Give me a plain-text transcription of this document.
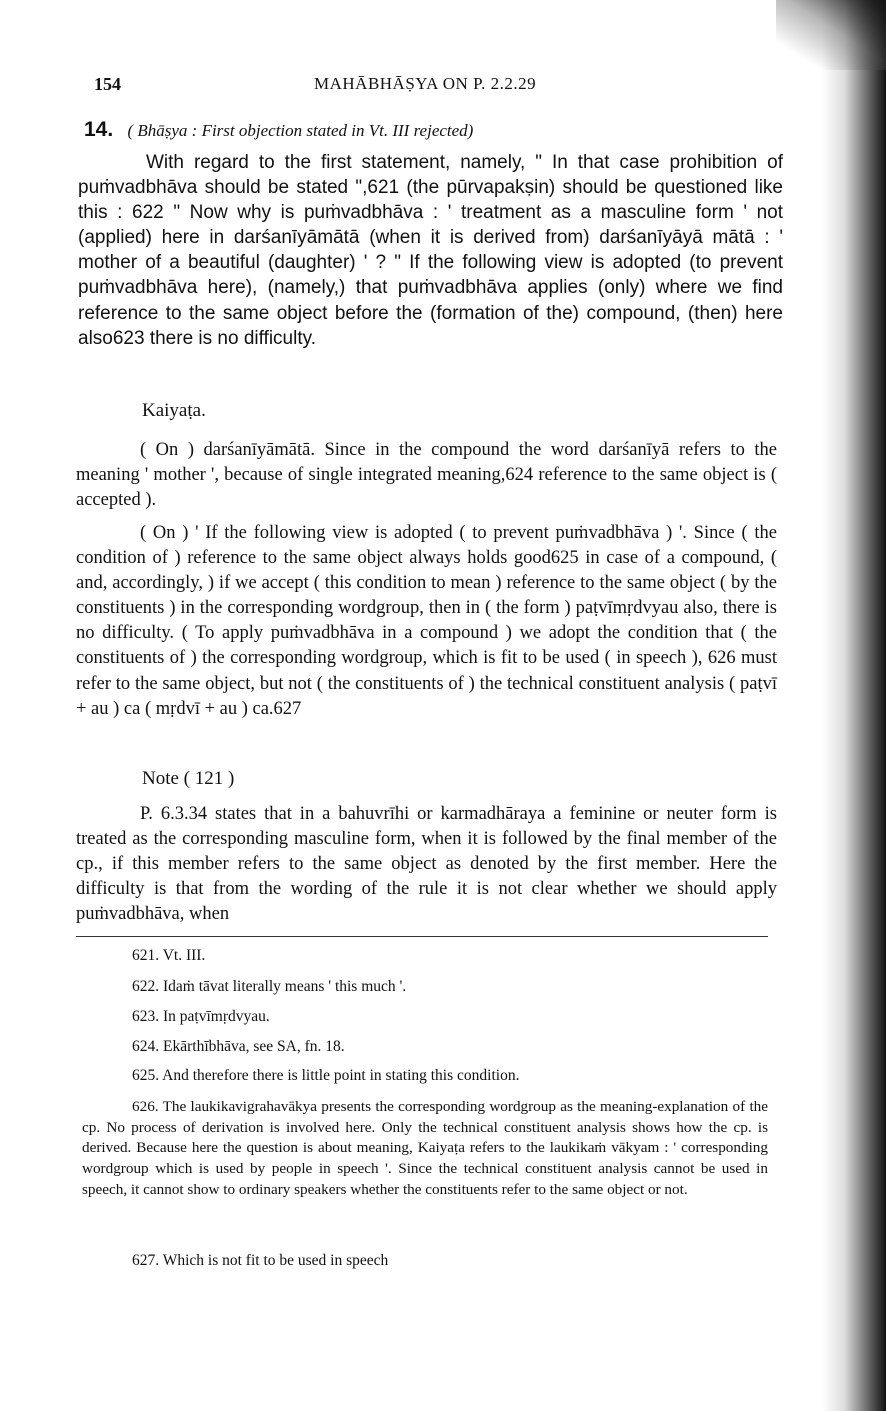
154	MAHĀBHĀṢYA ON P. 2.2.29
14. ( Bhāṣya : First objection stated in Vt. III rejected)

With regard to the first statement, namely, " In that case prohibition of puṁvadbhāva should be stated ",621 (the pūrvapakṣin) should be questioned like this : 622 " Now why is puṁvadbhāva : ' treatment as a masculine form ' not (applied) here in darśanīyāmātā (when it is derived from) darśanīyāyā mātā : ' mother of a beautiful (daughter) ' ? " If the following view is adopted (to prevent puṁvadbhāva here), (namely,) that puṁvadbhāva applies (only) where we find reference to the same object before the (formation of the) compound, (then) here also623 there is no difficulty.

Kaiyaṭa.

( On ) darśanīyāmātā. Since in the compound the word darśanīyā refers to the meaning ' mother ', because of single integrated meaning,624 reference to the same object is ( accepted ).

( On ) ' If the following view is adopted ( to prevent puṁvadbhāva ) '. Since ( the condition of ) reference to the same object always holds good625 in case of a compound, ( and, accordingly, ) if we accept ( this condition to mean ) reference to the same object ( by the constituents ) in the corresponding wordgroup, then in ( the form ) paṭvīmṛdvyau also, there is no difficulty. ( To apply puṁvadbhāva in a compound ) we adopt the condition that ( the constituents of ) the corresponding wordgroup, which is fit to be used ( in speech ), 626 must refer to the same object, but not ( the constituents of ) the technical constituent analysis ( paṭvī + au ) ca ( mṛdvī + au ) ca.627

Note ( 121 )

P. 6.3.34 states that in a bahuvrīhi or karmadhāraya a feminine or neuter form is treated as the corresponding masculine form, when it is followed by the final member of the cp., if this member refers to the same object as denoted by the first member. Here the difficulty is that from the wording of the rule it is not clear whether we should apply puṁvadbhāva, when

621. Vt. III.

622. Idaṁ tāvat literally means ' this much '.

623. In paṭvīmṛdvyau.

624. Ekārthībhāva, see SA, fn. 18.

625. And therefore there is little point in stating this condition.

626. The laukikavigrahavākya presents the corresponding wordgroup as the meaning-explanation of the cp. No process of derivation is involved here. Only the technical constituent analysis shows how the cp. is derived. Because here the question is about meaning, Kaiyaṭa refers to the laukikaṁ vākyam : ' corresponding wordgroup which is used by people in speech '. Since the technical constituent analysis cannot be used in speech, it cannot show to ordinary speakers whether the constituents refer to the same object or not.

627. Which is not fit to be used in speech
